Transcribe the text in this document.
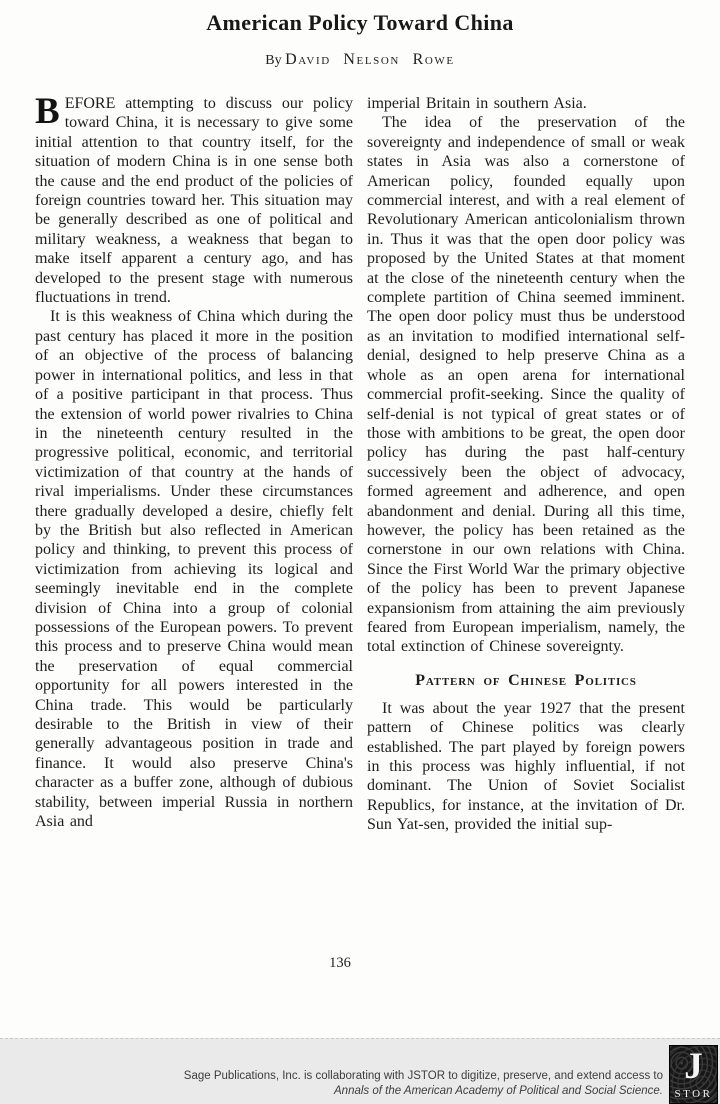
American Policy Toward China
By David Nelson Rowe

BEFORE attempting to discuss our policy toward China, it is necessary to give some initial attention to that country itself, for the situation of modern China is in one sense both the cause and the end product of the policies of foreign countries toward her. This situation may be generally described as one of political and military weakness, a weakness that began to make itself apparent a century ago, and has developed to the present stage with numerous fluctuations in trend.

It is this weakness of China which during the past century has placed it more in the position of an objective of the process of balancing power in international politics, and less in that of a positive participant in that process. Thus the extension of world power rivalries to China in the nineteenth century resulted in the progressive political, economic, and territorial victimization of that country at the hands of rival imperialisms. Under these circumstances there gradually developed a desire, chiefly felt by the British but also reflected in American policy and thinking, to prevent this process of victimization from achieving its logical and seemingly inevitable end in the complete division of China into a group of colonial possessions of the European powers. To prevent this process and to preserve China would mean the preservation of equal commercial opportunity for all powers interested in the China trade. This would be particularly desirable to the British in view of their generally advantageous position in trade and finance. It would also preserve China's character as a buffer zone, although of dubious stability, between imperial Russia in northern Asia and

imperial Britain in southern Asia.

The idea of the preservation of the sovereignty and independence of small or weak states in Asia was also a cornerstone of American policy, founded equally upon commercial interest, and with a real element of Revolutionary American anticolonialism thrown in. Thus it was that the open door policy was proposed by the United States at that moment at the close of the nineteenth century when the complete partition of China seemed imminent. The open door policy must thus be understood as an invitation to modified international self-denial, designed to help preserve China as a whole as an open arena for international commercial profit-seeking. Since the quality of self-denial is not typical of great states or of those with ambitions to be great, the open door policy has during the past half-century successively been the object of advocacy, formed agreement and adherence, and open abandonment and denial. During all this time, however, the policy has been retained as the cornerstone in our own relations with China. Since the First World War the primary objective of the policy has been to prevent Japanese expansionism from attaining the aim previously feared from European imperialism, namely, the total extinction of Chinese sovereignty.

Pattern of Chinese Politics

It was about the year 1927 that the present pattern of Chinese politics was clearly established. The part played by foreign powers in this process was highly influential, if not dominant. The Union of Soviet Socialist Republics, for instance, at the invitation of Dr. Sun Yat-sen, provided the initial sup-

136
Sage Publications, Inc. is collaborating with JSTOR to digitize, preserve, and extend access to
Annals of the American Academy of Political and Social Science.
J
STOR
